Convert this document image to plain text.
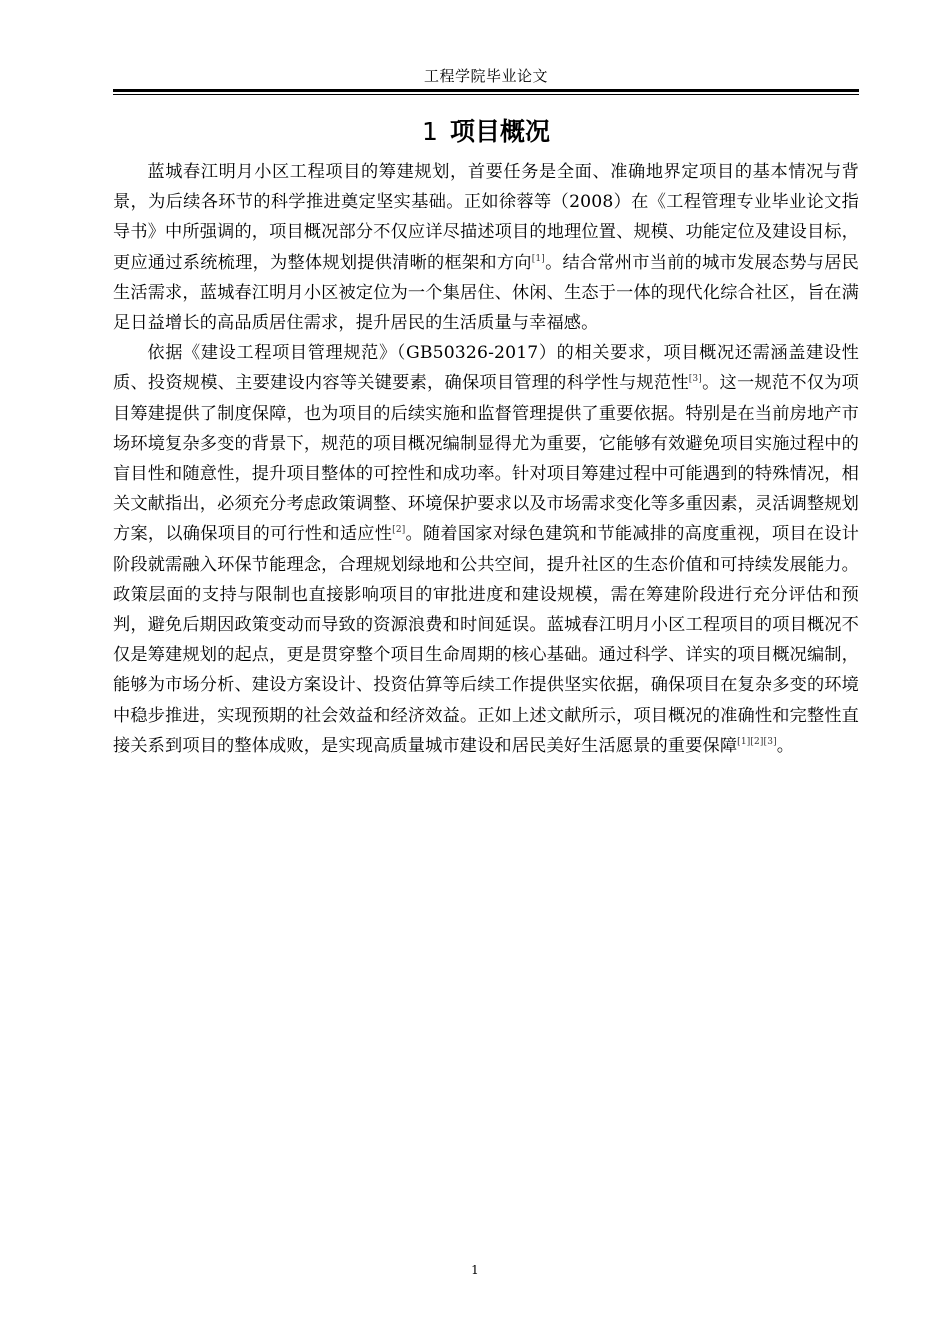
工程学院毕业论文
1 项目概况

蓝城春江明月小区工程项目的筹建规划，首要任务是全面、准确地界定项目的基本情况与背景，为后续各环节的科学推进奠定坚实基础。正如徐蓉等（2008）在《工程管理专业毕业论文指导书》中所强调的，项目概况部分不仅应详尽描述项目的地理位置、规模、功能定位及建设目标，更应通过系统梳理，为整体规划提供清晰的框架和方向[1]。结合常州市当前的城市发展态势与居民生活需求，蓝城春江明月小区被定位为一个集居住、休闲、生态于一体的现代化综合社区，旨在满足日益增长的高品质居住需求，提升居民的生活质量与幸福感。

依据《建设工程项目管理规范》（GB50326-2017）的相关要求，项目概况还需涵盖建设性质、投资规模、主要建设内容等关键要素，确保项目管理的科学性与规范性[3]。这一规范不仅为项目筹建提供了制度保障，也为项目的后续实施和监督管理提供了重要依据。特别是在当前房地产市场环境复杂多变的背景下，规范的项目概况编制显得尤为重要，它能够有效避免项目实施过程中的盲目性和随意性，提升项目整体的可控性和成功率。针对项目筹建过程中可能遇到的特殊情况，相关文献指出，必须充分考虑政策调整、环境保护要求以及市场需求变化等多重因素，灵活调整规划方案，以确保项目的可行性和适应性[2]。随着国家对绿色建筑和节能减排的高度重视，项目在设计阶段就需融入环保节能理念，合理规划绿地和公共空间，提升社区的生态价值和可持续发展能力。政策层面的支持与限制也直接影响项目的审批进度和建设规模，需在筹建阶段进行充分评估和预判，避免后期因政策变动而导致的资源浪费和时间延误。蓝城春江明月小区工程项目的项目概况不仅是筹建规划的起点，更是贯穿整个项目生命周期的核心基础。通过科学、详实的项目概况编制，能够为市场分析、建设方案设计、投资估算等后续工作提供坚实依据，确保项目在复杂多变的环境中稳步推进，实现预期的社会效益和经济效益。正如上述文献所示，项目概况的准确性和完整性直接关系到项目的整体成败，是实现高质量城市建设和居民美好生活愿景的重要保障[1][2][3]。

1
